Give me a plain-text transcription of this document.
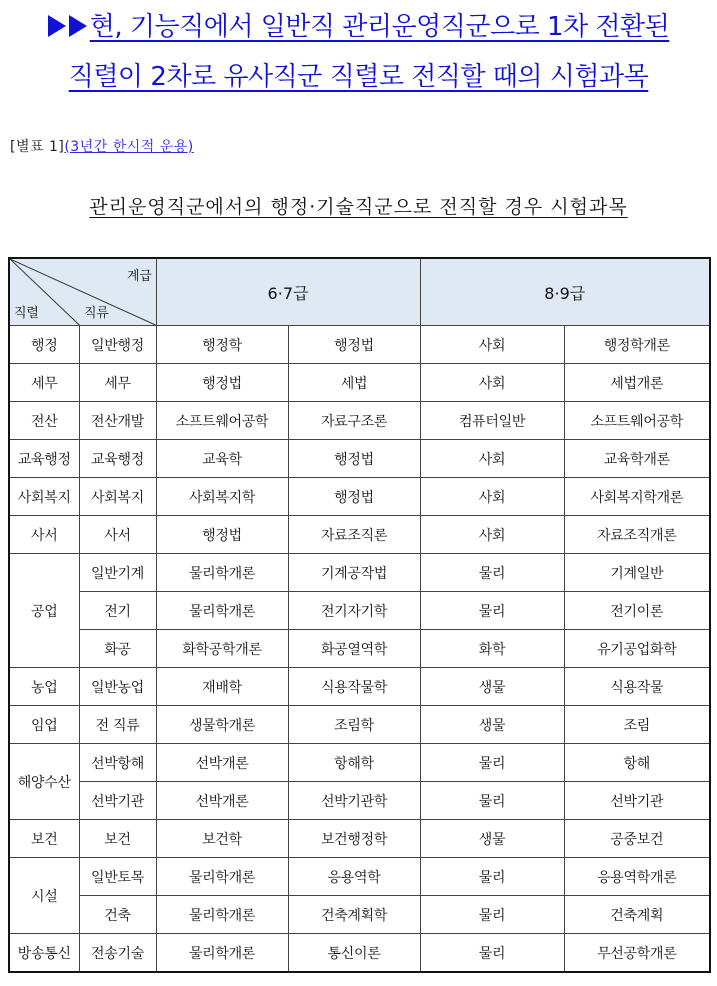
현, 기능직에서 일반직 관리운영직군으로 1차 전환된
직렬이 2차로 유사직군 직렬로 전직할 때의 시험과목
[별표 1](3년간 한시적 운용)
관리운영직군에서의 행정·기술직군으로 전직할 경우 시험과목
계급
직렬 직류		6·7급		8·9급	
행정	일반행정	행정학	행정법	사회	행정학개론
세무	세무	행정법	세법	사회	세법개론
전산	전산개발	소프트웨어공학	자료구조론	컴퓨터일반	소프트웨어공학
교육행정	교육행정	교육학	행정법	사회	교육학개론
사회복지	사회복지	사회복지학	행정법	사회	사회복지학개론
사서	사서	행정법	자료조직론	사회	자료조직개론
공업	일반기계	물리학개론	기계공작법	물리	기계일반
	전기	물리학개론	전기자기학	물리	전기이론
	화공	화학공학개론	화공열역학	화학	유기공업화학
농업	일반농업	재배학	식용작물학	생물	식용작물
임업	전 직류	생물학개론	조림학	생물	조림
해양수산	선박항해	선박개론	항해학	물리	항해
	선박기관	선박개론	선박기관학	물리	선박기관
보건	보건	보건학	보건행정학	생물	공중보건
시설	일반토목	물리학개론	응용역학	물리	응용역학개론
	건축	물리학개론	건축계획학	물리	건축계획
방송통신	전송기술	물리학개론	통신이론	물리	무선공학개론
